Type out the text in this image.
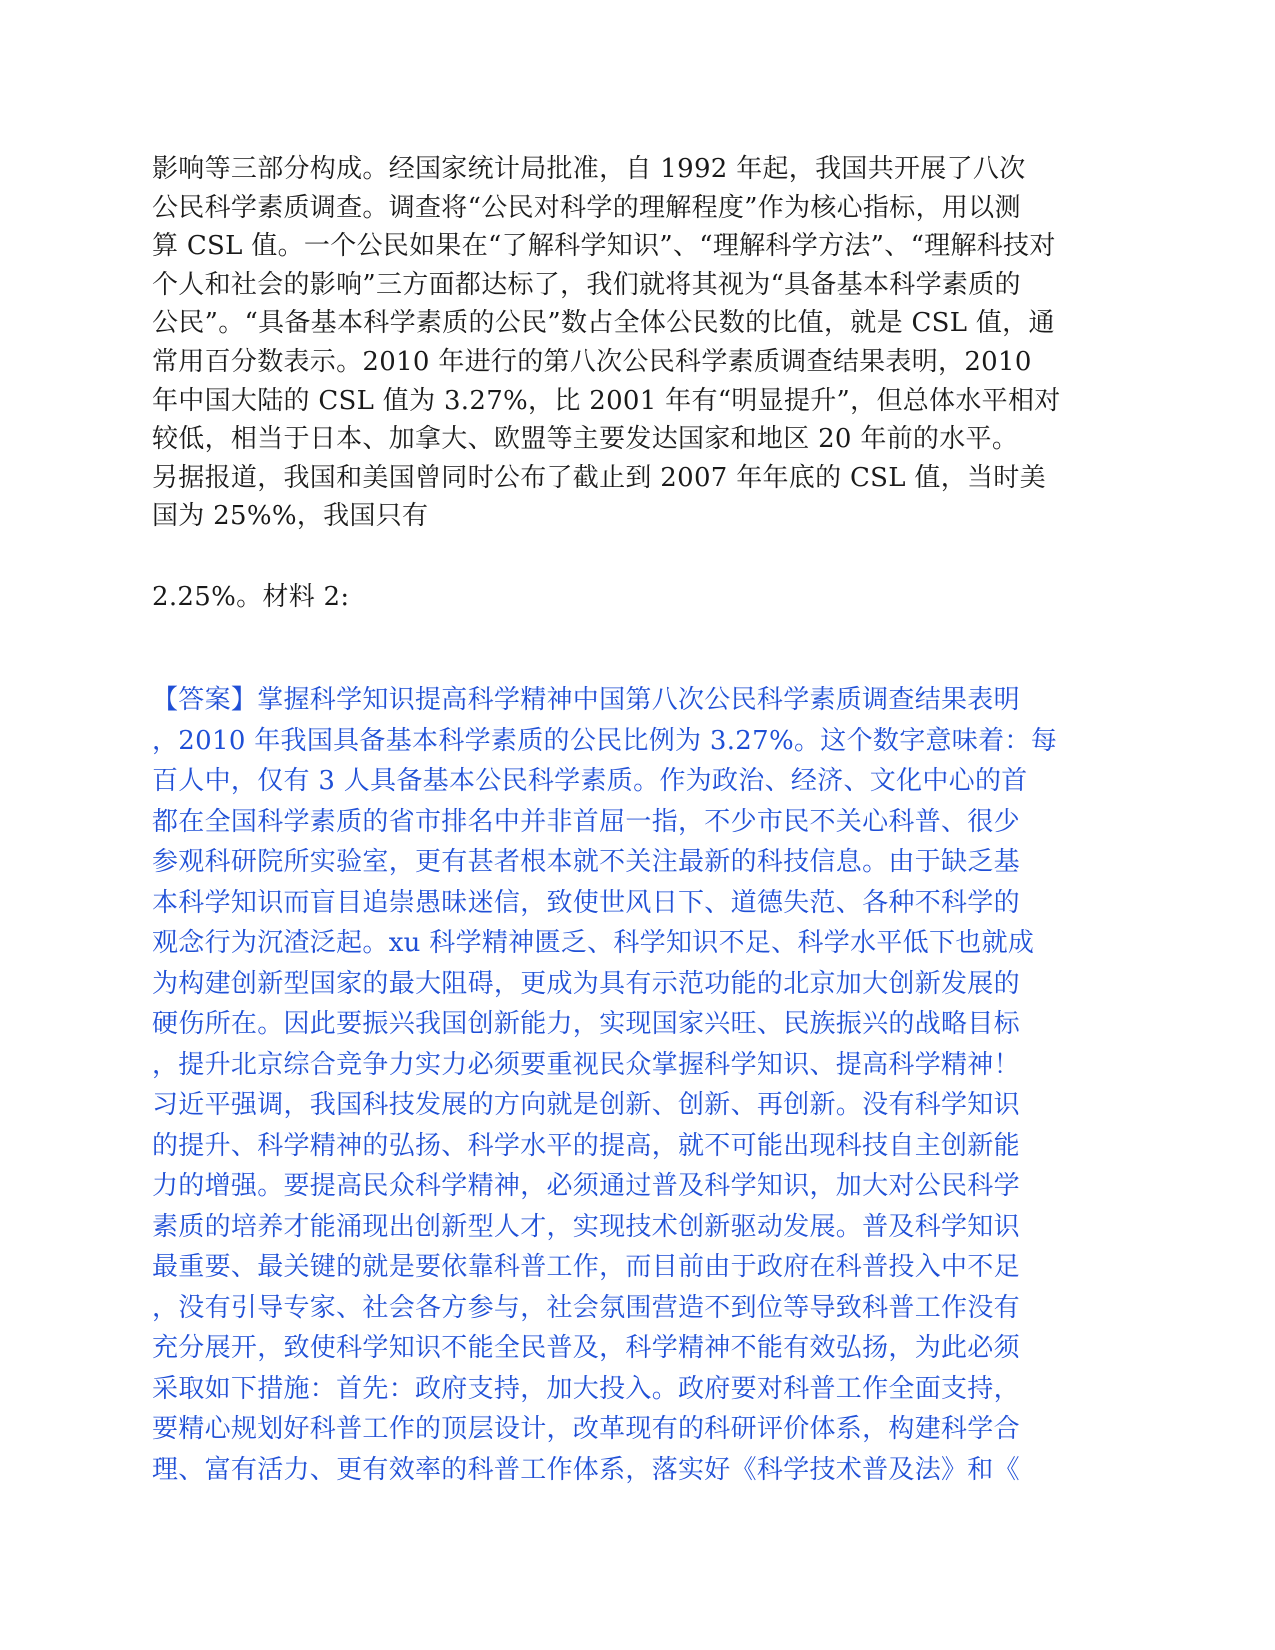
影响等三部分构成。经国家统计局批准，自 1992 年起，我国共开展了八次
公民科学素质调查。调查将“公民对科学的理解程度”作为核心指标，用以测
算 CSL 值。一个公民如果在“了解科学知识”、“理解科学方法”、“理解科技对
个人和社会的影响”三方面都达标了，我们就将其视为“具备基本科学素质的
公民”。“具备基本科学素质的公民”数占全体公民数的比值，就是 CSL 值，通
常用百分数表示。2010 年进行的第八次公民科学素质调查结果表明，2010
年中国大陆的 CSL 值为 3.27%，比 2001 年有“明显提升”，但总体水平相对
较低，相当于日本、加拿大、欧盟等主要发达国家和地区 20 年前的水平。
另据报道，我国和美国曾同时公布了截止到 2007 年年底的 CSL 值，当时美
国为 25%%，我国只有
2.25%。材料 2:
【答案】掌握科学知识提高科学精神中国第八次公民科学素质调查结果表明
，2010 年我国具备基本科学素质的公民比例为 3.27%。这个数字意味着：每
百人中，仅有 3 人具备基本公民科学素质。作为政治、经济、文化中心的首
都在全国科学素质的省市排名中并非首屈一指，不少市民不关心科普、很少
参观科研院所实验室，更有甚者根本就不关注最新的科技信息。由于缺乏基
本科学知识而盲目追崇愚昧迷信，致使世风日下、道德失范、各种不科学的
观念行为沉渣泛起。xu 科学精神匮乏、科学知识不足、科学水平低下也就成
为构建创新型国家的最大阻碍，更成为具有示范功能的北京加大创新发展的
硬伤所在。因此要振兴我国创新能力，实现国家兴旺、民族振兴的战略目标
，提升北京综合竞争力实力必须要重视民众掌握科学知识、提高科学精神！
习近平强调，我国科技发展的方向就是创新、创新、再创新。没有科学知识
的提升、科学精神的弘扬、科学水平的提高，就不可能出现科技自主创新能
力的增强。要提高民众科学精神，必须通过普及科学知识，加大对公民科学
素质的培养才能涌现出创新型人才，实现技术创新驱动发展。普及科学知识
最重要、最关键的就是要依靠科普工作，而目前由于政府在科普投入中不足
，没有引导专家、社会各方参与，社会氛围营造不到位等导致科普工作没有
充分展开，致使科学知识不能全民普及，科学精神不能有效弘扬，为此必须
采取如下措施：首先：政府支持，加大投入。政府要对科普工作全面支持，
要精心规划好科普工作的顶层设计，改革现有的科研评价体系，构建科学合
理、富有活力、更有效率的科普工作体系，落实好《科学技术普及法》和《
